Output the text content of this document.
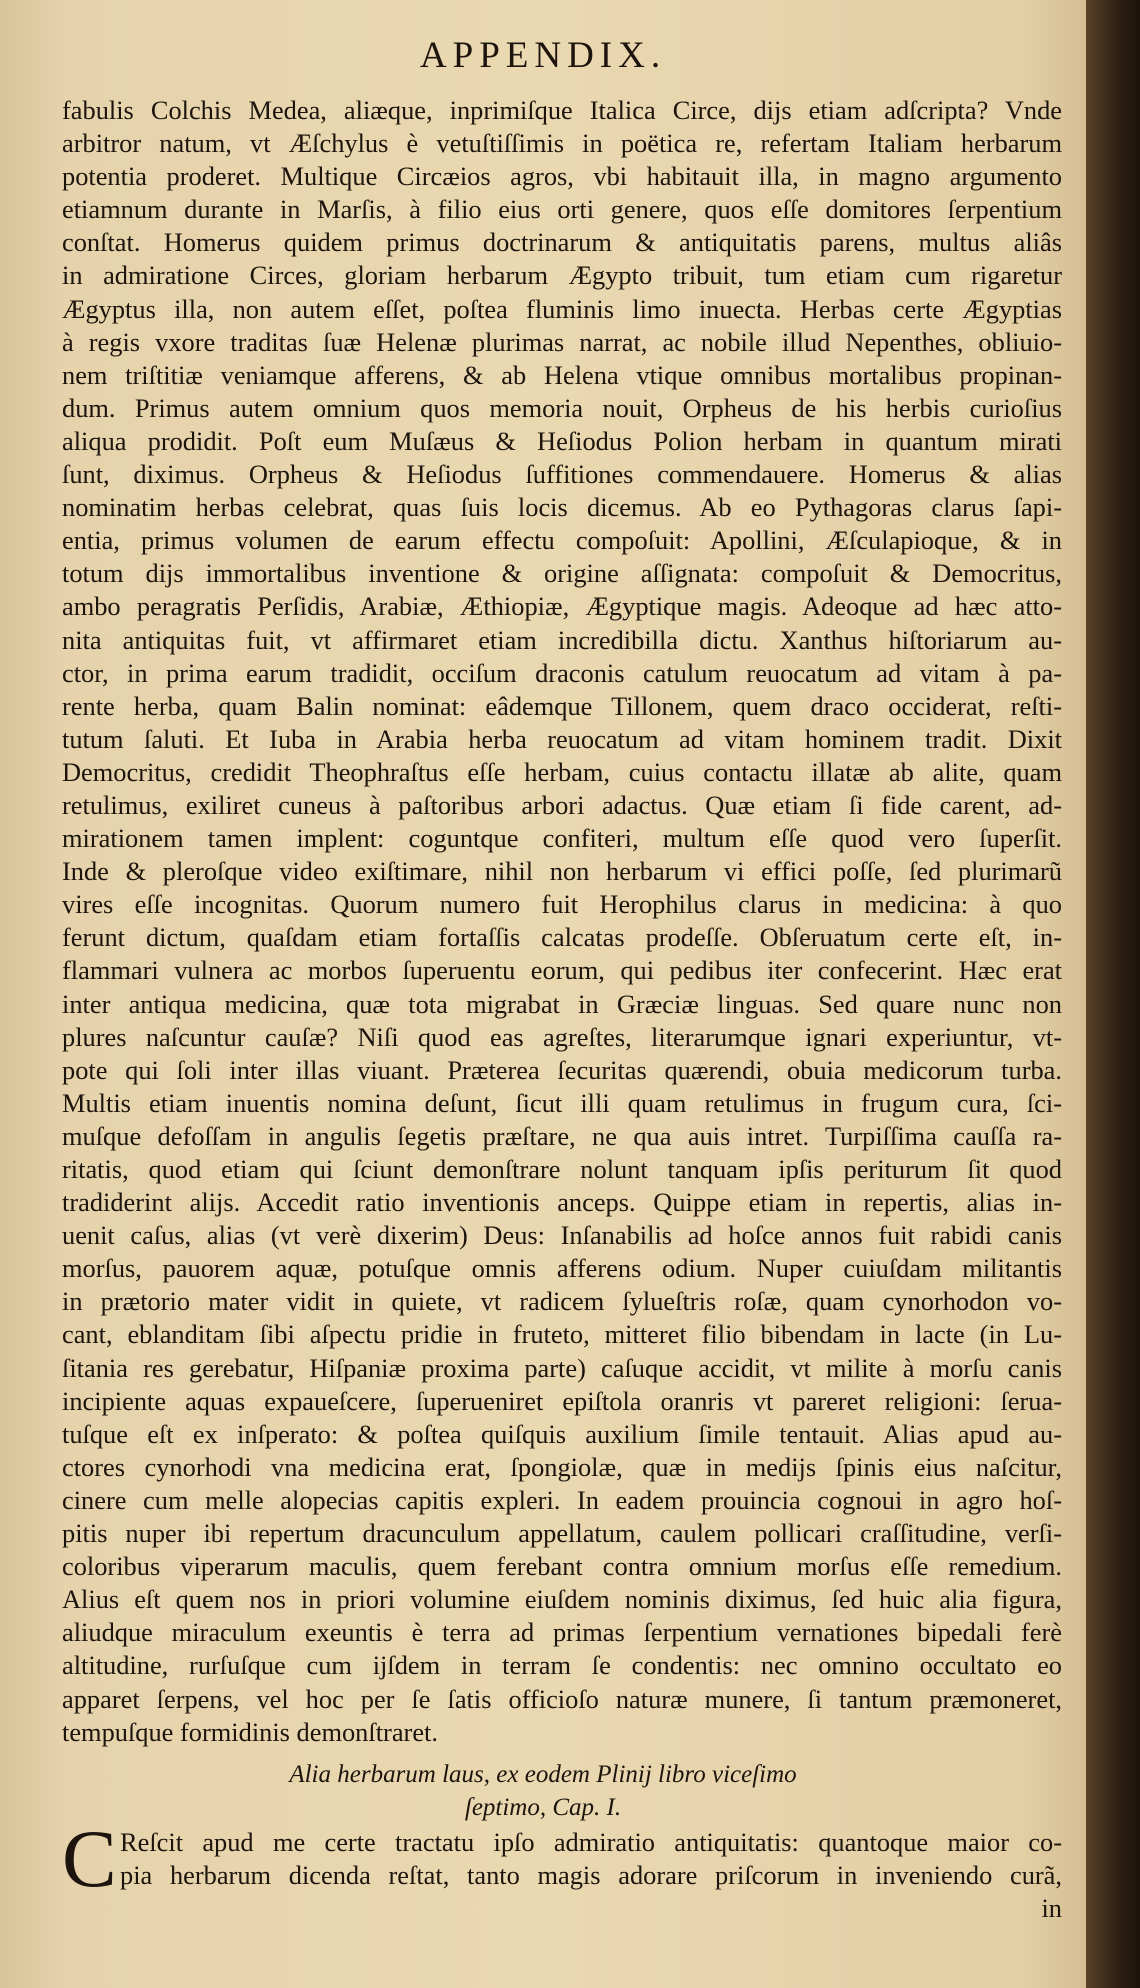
APPENDIX.
fabulis Colchis Medea, aliæque, inprimiſque Italica Circe, dijs etiam adſcripta? Vnde
arbitror natum, vt Æſchylus è vetuſtiſſimis in poëtica re, refertam Italiam herbarum
potentia proderet. Multique Circæios agros, vbi habitauit illa, in magno argumento
etiamnum durante in Marſis, à filio eius orti genere, quos eſſe domitores ſerpentium
conſtat. Homerus quidem primus doctrinarum & antiquitatis parens, multus aliâs
in admiratione Circes, gloriam herbarum Ægypto tribuit, tum etiam cum rigaretur
Ægyptus illa, non autem eſſet, poſtea fluminis limo inuecta. Herbas certe Ægyptias
à regis vxore traditas ſuæ Helenæ plurimas narrat, ac nobile illud Nepenthes, obliuio-
nem triſtitiæ veniamque afferens, & ab Helena vtique omnibus mortalibus propinan-
dum. Primus autem omnium quos memoria nouit, Orpheus de his herbis curioſius
aliqua prodidit. Poſt eum Muſæus & Heſiodus Polion herbam in quantum mirati
ſunt, diximus. Orpheus & Heſiodus ſuffitiones commendauere. Homerus & alias
nominatim herbas celebrat, quas ſuis locis dicemus. Ab eo Pythagoras clarus ſapi-
entia, primus volumen de earum effectu compoſuit: Apollini, Æſculapioque, & in
totum dijs immortalibus inventione & origine aſſignata: compoſuit & Democritus,
ambo peragratis Perſidis, Arabiæ, Æthiopiæ, Ægyptique magis. Adeoque ad hæc atto-
nita antiquitas fuit, vt affirmaret etiam incredibilla dictu. Xanthus hiſtoriarum au-
ctor, in prima earum tradidit, occiſum draconis catulum reuocatum ad vitam à pa-
rente herba, quam Balin nominat: eâdemque Tillonem, quem draco occiderat, reſti-
tutum ſaluti. Et Iuba in Arabia herba reuocatum ad vitam hominem tradit. Dixit
Democritus, credidit Theophraſtus eſſe herbam, cuius contactu illatæ ab alite, quam
retulimus, exiliret cuneus à paſtoribus arbori adactus. Quæ etiam ſi fide carent, ad-
mirationem tamen implent: coguntque confiteri, multum eſſe quod vero ſuperſit.
Inde & pleroſque video exiſtimare, nihil non herbarum vi effici poſſe, ſed plurimarũ
vires eſſe incognitas. Quorum numero fuit Herophilus clarus in medicina: à quo
ferunt dictum, quaſdam etiam fortaſſis calcatas prodeſſe. Obſeruatum certe eſt, in-
flammari vulnera ac morbos ſuperuentu eorum, qui pedibus iter confecerint. Hæc erat
inter antiqua medicina, quæ tota migrabat in Græciæ linguas. Sed quare nunc non
plures naſcuntur cauſæ? Niſi quod eas agreſtes, literarumque ignari experiuntur, vt-
pote qui ſoli inter illas viuant. Præterea ſecuritas quærendi, obuia medicorum turba.
Multis etiam inuentis nomina deſunt, ſicut illi quam retulimus in frugum cura, ſci-
muſque defoſſam in angulis ſegetis præſtare, ne qua auis intret. Turpiſſima cauſſa ra-
ritatis, quod etiam qui ſciunt demonſtrare nolunt tanquam ipſis periturum ſit quod
tradiderint alijs. Accedit ratio inventionis anceps. Quippe etiam in repertis, alias in-
uenit caſus, alias (vt verè dixerim) Deus: Inſanabilis ad hoſce annos fuit rabidi canis
morſus, pauorem aquæ, potuſque omnis afferens odium. Nuper cuiuſdam militantis
in prætorio mater vidit in quiete, vt radicem ſylueſtris roſæ, quam cynorhodon vo-
cant, eblanditam ſibi aſpectu pridie in fruteto, mitteret filio bibendam in lacte (in Lu-
ſitania res gerebatur, Hiſpaniæ proxima parte) caſuque accidit, vt milite à morſu canis
incipiente aquas expaueſcere, ſuperueniret epiſtola oranris vt pareret religioni: ſerua-
tuſque eſt ex inſperato: & poſtea quiſquis auxilium ſimile tentauit. Alias apud au-
ctores cynorhodi vna medicina erat, ſpongiolæ, quæ in medijs ſpinis eius naſcitur,
cinere cum melle alopecias capitis expleri. In eadem prouincia cognoui in agro hoſ-
pitis nuper ibi repertum dracunculum appellatum, caulem pollicari craſſitudine, verſi-
coloribus viperarum maculis, quem ferebant contra omnium morſus eſſe remedium.
Alius eſt quem nos in priori volumine eiuſdem nominis diximus, ſed huic alia figura,
aliudque miraculum exeuntis è terra ad primas ſerpentium vernationes bipedali ferè
altitudine, rurſuſque cum ijſdem in terram ſe condentis: nec omnino occultato eo
apparet ſerpens, vel hoc per ſe ſatis officioſo naturæ munere, ſi tantum præmoneret,
tempuſque formidinis demonſtraret.
Alia herbarum laus, ex eodem Plinij libro viceſimo
ſeptimo, Cap. I.
C Reſcit apud me certe tractatu ipſo admiratio antiquitatis: quantoque maior co-
pia herbarum dicenda reſtat, tanto magis adorare priſcorum in inveniendo curã,
in
